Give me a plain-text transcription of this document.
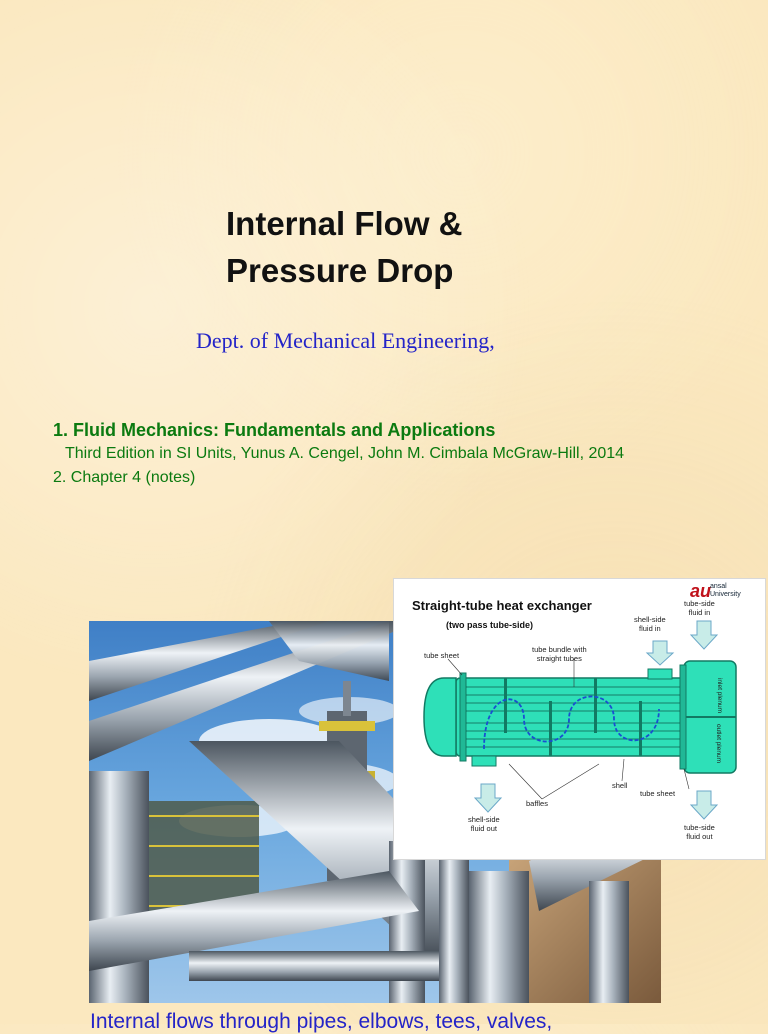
Internal Flow &
Pressure Drop
Dept. of Mechanical Engineering,
1. Fluid Mechanics: Fundamentals and Applications
Third Edition in SI Units, Yunus A. Cengel, John M. Cimbala McGraw-Hill, 2014
2. Chapter 4 (notes)
au
ansal
University
Straight-tube heat exchanger
(two pass tube-side)
tube sheet
tube bundle with
straight tubes
shell-side
fluid in
tube-side
fluid in
inlet plenum
outlet plenum
baffles
shell
tube sheet
shell-side
fluid out	tube-side
fluid out
Internal flows through pipes, elbows, tees, valves,
